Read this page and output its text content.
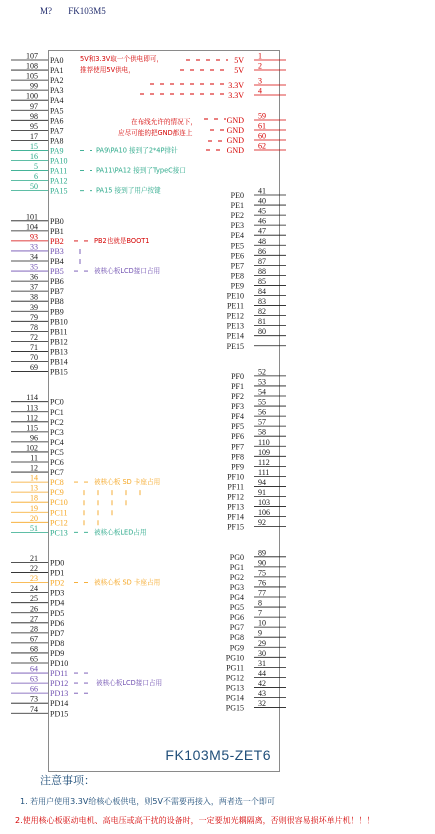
M? FK103M5
FK103M5-ZET6
107 PA0
108 PA1
105 PA2
99 PA3
100 PA4
97 PA5
98 PA6
95 PA7
17 PA8
15 PA9
16 PA10
5 PA11
6 PA12
50 PA15
101 PB0
104 PB1
93 PB2
33 PB3
34 PB4
35 PB5
36 PB6
37 PB7
38 PB8
39 PB9
79 PB10
78 PB11
72 PB12
71 PB13
70 PB14
69 PB15
114 PC0
113 PC1
112 PC2
115 PC3
96 PC4
102 PC5
11 PC6
12 PC7
14 PC8
13 PC9
18 PC10
19 PC11
20 PC12
51 PC13
21 PD0
22 PD1
23 PD2
24 PD3
25 PD4
26 PD5
27 PD6
28 PD7
67 PD8
68 PD9
65 PD10
64 PD11
63 PD12
66 PD13
73 PD14
74 PD15
1
5V
2
5V
3
3.3V
4
3.3V
59
GND
61
GND
60
GND
62
GND
41
PE0
40
PE1
45
PE2
46
PE3
47
PE4
48
PE5
86
PE6
87
PE7
88
PE8
85
PE9
84
PE10
83
PE11
82
PE12
81
PE13
80
PE14
PE15
52
PF0
53
PF1
54
PF2
55
PF3
56
PF4
57
PF5
58
PF6
110
PF7
109
PF8
112
PF9
111
PF10
94
PF11
91
PF12
103
PF13
106
PF14
92
PF15
89
PG0
90
PG1
75
PG2
76
PG3
77
PG4
8
PG5
7
PG6
10
PG7
9
PG8
29
PG9
30
PG10
31
PG11
44
PG12
42
PG13
43
PG14
32
PG15
5V和3.3V取一个供电即可，
推荐使用5V供电，
在布线允许的情况下，
应尽可能的把GND都连上
PA9\PA10 接到了2*4P排针
PA11\PA12 接到了TypeC接口
PA15 接到了用户按键
PB2也就是BOOT1
被核心板LCD接口占用
被核心板 SD 卡座占用
被核心板LED占用
被核心板 SD 卡座占用
被核心板LCD接口占用
注意事项：
1. 若用户使用3.3V给核心板供电，则5V不需要再接入，两者选一个即可
2.使用核心板驱动电机、高电压或高干扰的设备时，一定要加光耦隔离，否则很容易损坏单片机！！！
